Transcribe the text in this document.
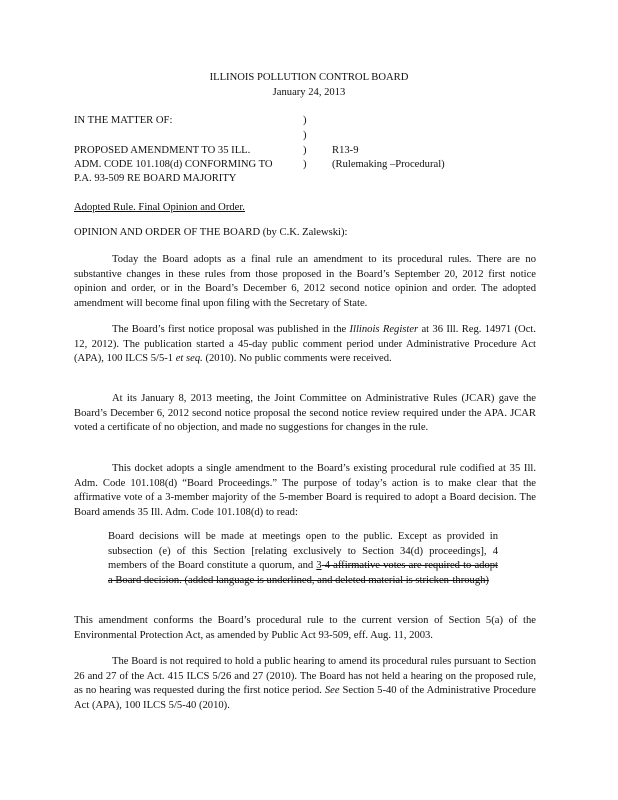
ILLINOIS POLLUTION CONTROL BOARD
January 24, 2013
IN THE MATTER OF:
PROPOSED AMENDMENT TO 35 ILL.
ADM. CODE 101.108(d) CONFORMING TO
P.A. 93-509 RE BOARD MAJORITY
)
)
)
)
R13-9
(Rulemaking –Procedural)
Adopted Rule. Final Opinion and Order.
OPINION AND ORDER OF THE BOARD (by C.K. Zalewski):
Today the Board adopts as a final rule an amendment to its procedural rules. There are no substantive changes in these rules from those proposed in the Board’s September 20, 2012 first notice opinion and order, or in the Board’s December 6, 2012 second notice opinion and order. The adopted amendment will become final upon filing with the Secretary of State.
The Board’s first notice proposal was published in the Illinois Register at 36 Ill. Reg. 14971 (Oct. 12, 2012). The publication started a 45-day public comment period under Administrative Procedure Act (APA), 100 ILCS 5/5-1 et seq. (2010). No public comments were received.
At its January 8, 2013 meeting, the Joint Committee on Administrative Rules (JCAR) gave the Board’s December 6, 2012 second notice proposal the second notice review required under the APA. JCAR voted a certificate of no objection, and made no suggestions for changes in the rule.
This docket adopts a single amendment to the Board’s existing procedural rule codified at 35 Ill. Adm. Code 101.108(d) “Board Proceedings.” The purpose of today’s action is to make clear that the affirmative vote of a 3-member majority of the 5-member Board is required to adopt a Board decision. The Board amends 35 Ill. Adm. Code 101.108(d) to read:
Board decisions will be made at meetings open to the public. Except as provided in subsection (e) of this Section [relating exclusively to Section 34(d) proceedings], 4 members of the Board constitute a quorum, and 3 4 affirmative votes are required to adopt a Board decision. (added language is underlined, and deleted material is stricken-through)
This amendment conforms the Board’s procedural rule to the current version of Section 5(a) of the Environmental Protection Act, as amended by Public Act 93-509, eff. Aug. 11, 2003.
The Board is not required to hold a public hearing to amend its procedural rules pursuant to Section 26 and 27 of the Act. 415 ILCS 5/26 and 27 (2010). The Board has not held a hearing on the proposed rule, as no hearing was requested during the first notice period. See Section 5-40 of the Administrative Procedure Act (APA), 100 ILCS 5/5-40 (2010).
